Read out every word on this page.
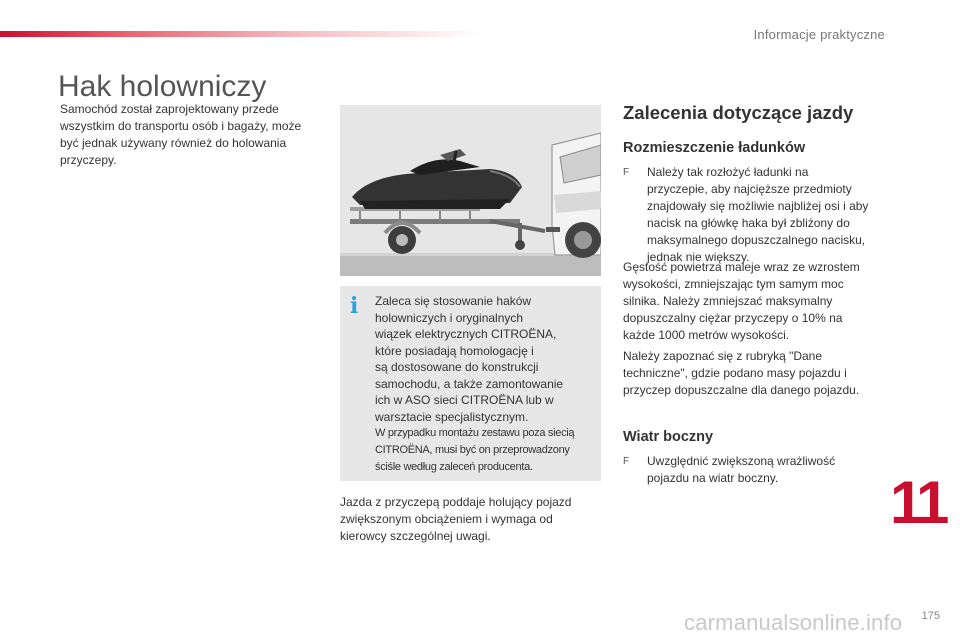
Informacje praktyczne
Hak holowniczy
Samochód został zaprojektowany przede wszystkim do transportu osób i bagaży, może być jednak używany również do holowania przyczepy.
i Zaleca się stosowanie haków
holowniczych i oryginalnych
wiązek elektrycznych CITROËNA,
które posiadają homologację i
są dostosowane do konstrukcji
samochodu, a także zamontowanie
ich w ASO sieci CITROËNA lub w
warsztacie specjalistycznym.
W przypadku montażu zestawu poza siecią
CITROËNA, musi być on przeprowadzony
ściśle według zaleceń producenta.
Jazda z przyczepą poddaje holujący pojazd zwiększonym obciążeniem i wymaga od kierowcy szczególnej uwagi.
Zalecenia dotyczące jazdy
Rozmieszczenie ładunków
F Należy tak rozłożyć ładunki na
przyczepie, aby najcięższe przedmioty
znajdowały się możliwie najbliżej osi i aby
nacisk na główkę haka był zbliżony do
maksymalnego dopuszczalnego nacisku,
jednak nie większy.
Gęstość powietrza maleje wraz ze wzrostem
wysokości, zmniejszając tym samym moc
silnika. Należy zmniejszać maksymalny
dopuszczalny ciężar przyczepy o 10% na
każde 1000 metrów wysokości.
Należy zapoznać się z rubryką "Dane
techniczne", gdzie podano masy pojazdu i
przyczep dopuszczalne dla danego pojazdu.
Wiatr boczny
F Uwzględnić zwiększoną wrażliwość
pojazdu na wiatr boczny.	11
carmanualsonline.info 175
